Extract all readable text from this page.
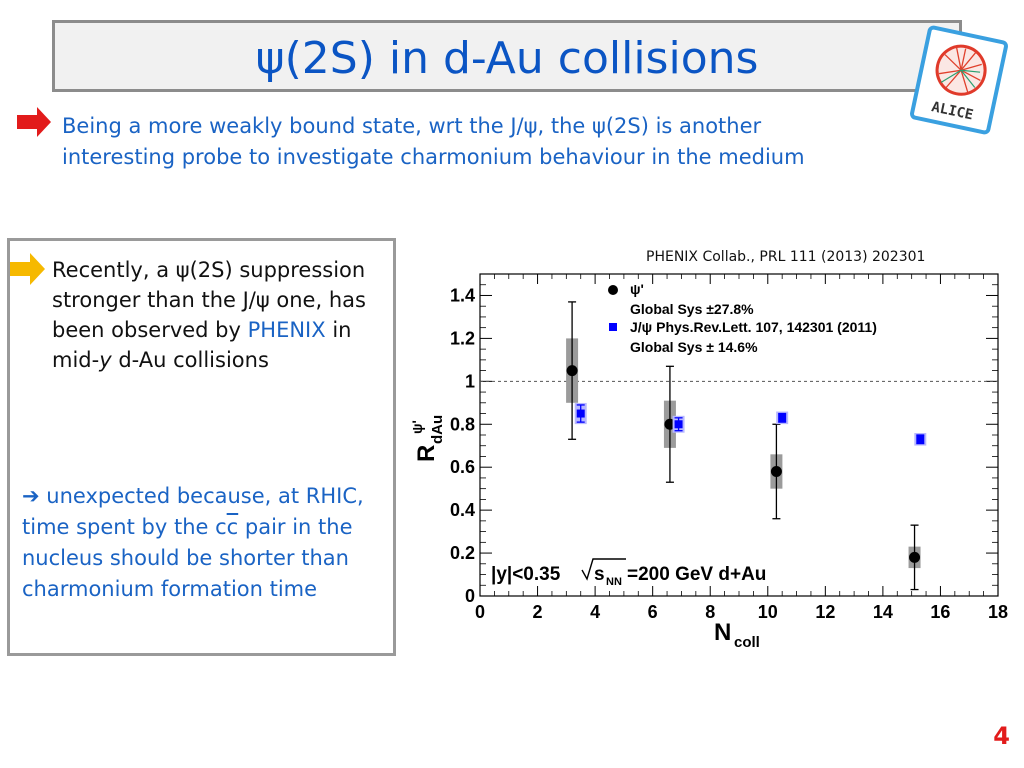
ψ(2S) in d-Au collisions
ALICE
Being a more weakly bound state, wrt the J/ψ, the ψ(2S) is another
interesting probe to investigate charmonium behaviour in the medium
Recently, a ψ(2S) suppression stronger than the J/ψ one, has been observed by PHENIX in mid-y d-Au collisions
➔ unexpected because, at RHIC, time spent by the $c\overline{c}$ pair in the nucleus should be shorter than charmonium formation time
PHENIX Collab., PRL 111 (2013) 202301
0	2	4	6	8 10 12 14 16 18
0
0.2
0.4
0.6
0.8
1
1.2
1.4	ψ'
Global Sys ±27.8%
J/ψ Phys.Rev.Lett. 107, 142301 (2011)
Global Sys ± 14.6%
|y|<0.35 s NN =200 GeV d+Au
N coll
R
dAu
ψ'
4
